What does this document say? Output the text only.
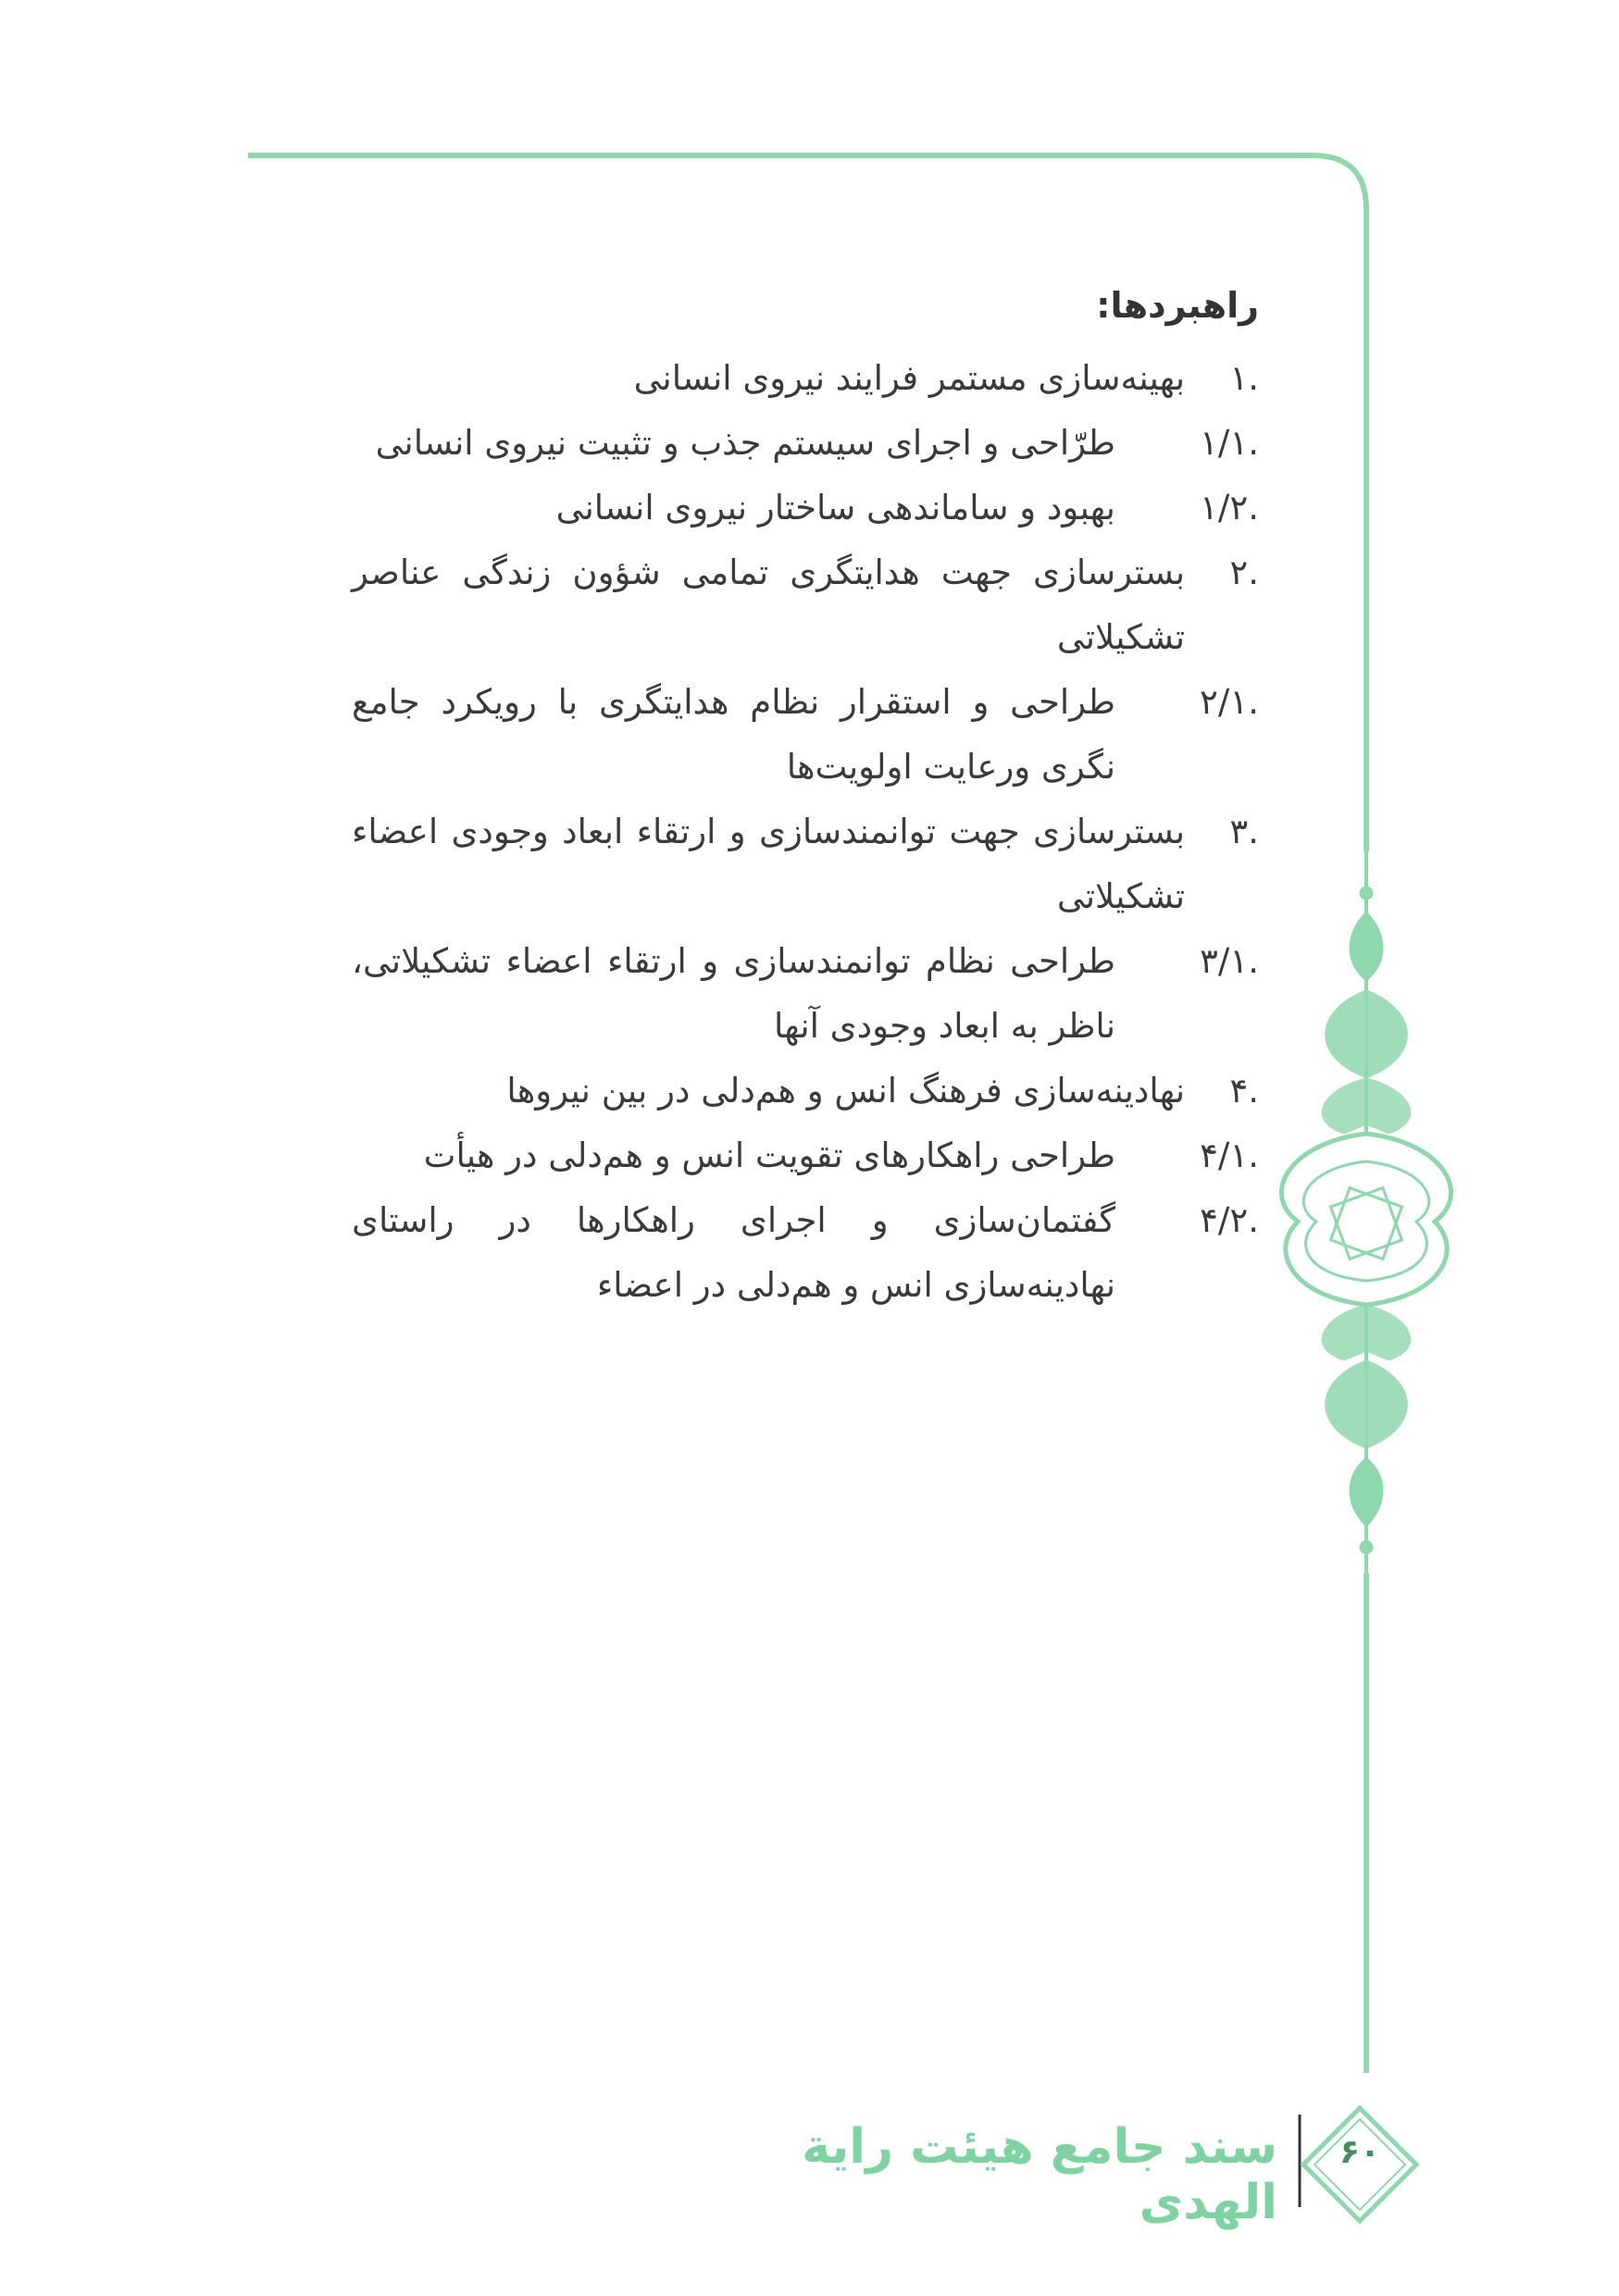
راهبردها:
.۱
بهینه‌سازی مستمر فرایند نیروی انسانی
.۱/۱
طرّاحی و اجرای سیستم جذب و تثبیت نیروی انسانی
.۱/۲
بهبود و ساماندهی ساختار نیروی انسانی
.۲
بسترسازی جهت هدایتگری تمامی شؤون زندگی عناصر تشکیلاتی
.۲/۱
طراحی و استقرار نظام هدایتگری با رویکرد جامع نگری ورعایت اولویت‌ها
.۳
بسترسازی جهت توانمندسازی و ارتقاء ابعاد وجودی اعضاء تشکیلاتی
.۳/۱
طراحی نظام توانمندسازی و ارتقاء اعضاء تشکیلاتی، ناظر به ابعاد وجودی آنها
.۴
نهادینه‌سازی فرهنگ انس و هم‌دلی در بین نیروها
.۴/۱
طراحی راهکارهای تقویت انس و هم‌دلی در هیأت
.۴/۲
گفتمان‌سازی و اجرای راهکارها در راستای نهادینه‌سازی انس و هم‌دلی در اعضاء
سند جامع هیئت رایة الهدی
۶۰
